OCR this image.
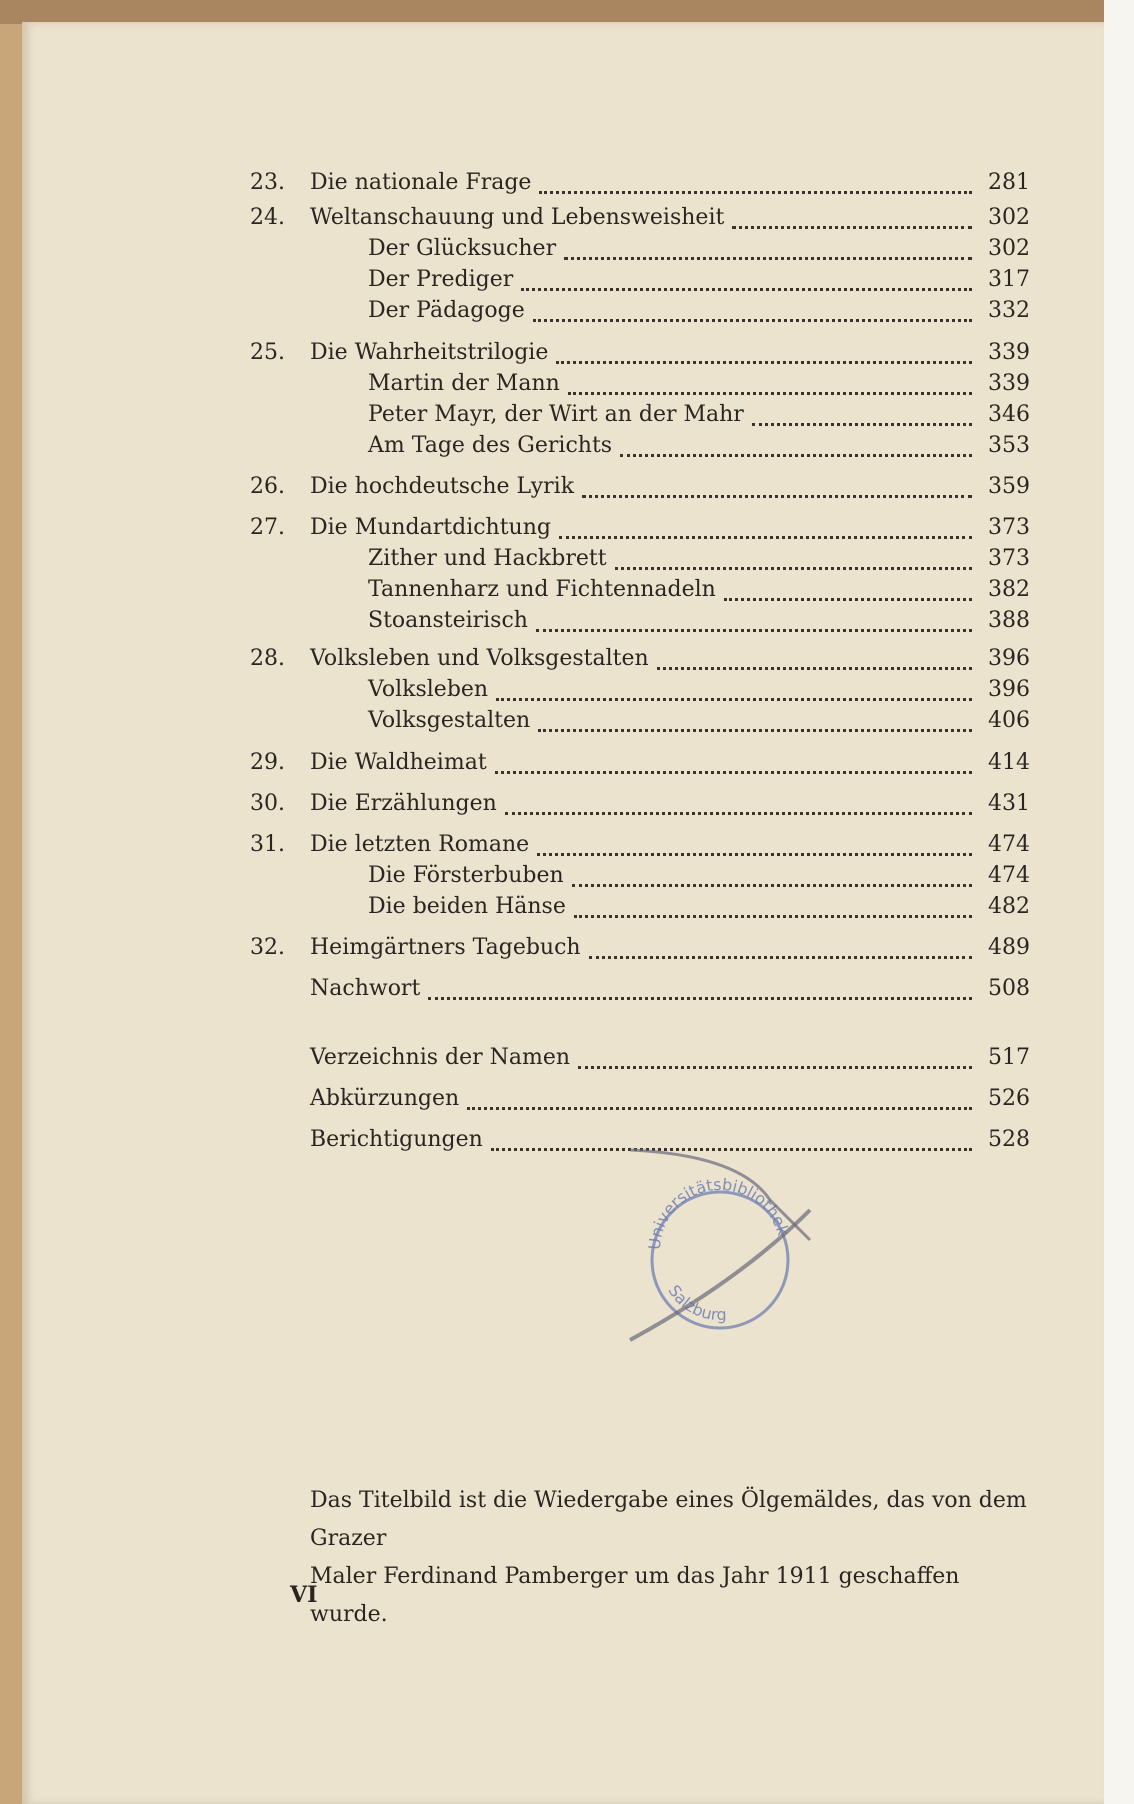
23.	Die nationale Frage	281
24.	Weltanschauung und Lebensweisheit	302
Der Glücksucher	302
Der Prediger	317
Der Pädagoge	332
25.	Die Wahrheitstrilogie	339
Martin der Mann	339
Peter Mayr, der Wirt an der Mahr	346
Am Tage des Gerichts	353
26.	Die hochdeutsche Lyrik	359
27.	Die Mundartdichtung	373
Zither und Hackbrett	373
Tannenharz und Fichtennadeln	382
Stoansteirisch	388
28.	Volksleben und Volksgestalten	396
Volksleben	396
Volksgestalten	406
29.	Die Waldheimat	414
30.	Die Erzählungen	431
31.	Die letzten Romane	474
Die Försterbuben	474
Die beiden Hänse	482
32.	Heimgärtners Tagebuch	489
Nachwort	508
Verzeichnis der Namen	517
Abkürzungen	526
Berichtigungen	528
Das Titelbild ist die Wiedergabe eines Ölgemäldes, das von dem Grazer
Maler Ferdinand Pamberger um das Jahr 1911 geschaffen wurde.
VI
Universitätsbibliothek
Salzburg
